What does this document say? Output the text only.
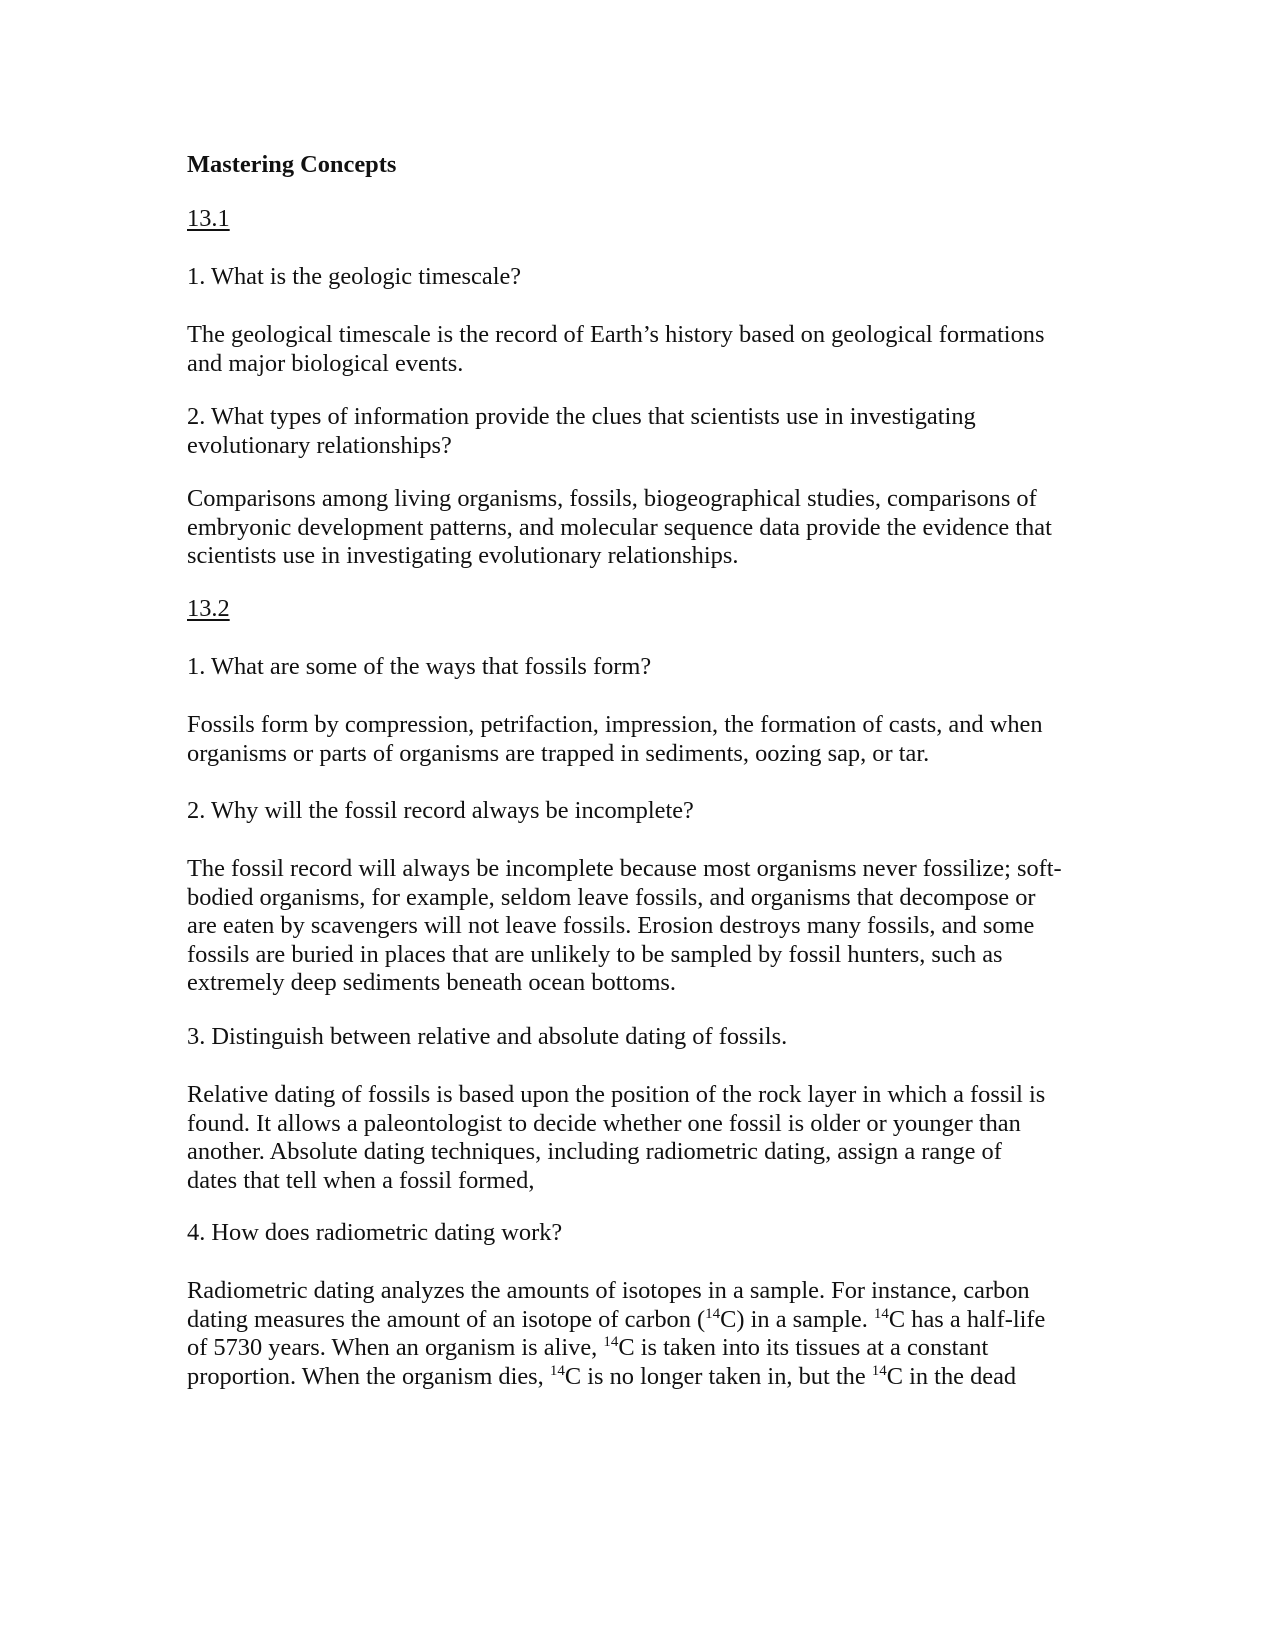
Mastering Concepts
13.1
1. What is the geologic timescale?
The geological timescale is the record of Earth’s history based on geological formations
and major biological events.
2. What types of information provide the clues that scientists use in investigating
evolutionary relationships?
Comparisons among living organisms, fossils, biogeographical studies, comparisons of
embryonic development patterns, and molecular sequence data provide the evidence that
scientists use in investigating evolutionary relationships.
13.2
1. What are some of the ways that fossils form?
Fossils form by compression, petrifaction, impression, the formation of casts, and when
organisms or parts of organisms are trapped in sediments, oozing sap, or tar.
2. Why will the fossil record always be incomplete?
The fossil record will always be incomplete because most organisms never fossilize; soft-
bodied organisms, for example, seldom leave fossils, and organisms that decompose or
are eaten by scavengers will not leave fossils. Erosion destroys many fossils, and some
fossils are buried in places that are unlikely to be sampled by fossil hunters, such as
extremely deep sediments beneath ocean bottoms.
3. Distinguish between relative and absolute dating of fossils.
Relative dating of fossils is based upon the position of the rock layer in which a fossil is
found. It allows a paleontologist to decide whether one fossil is older or younger than
another. Absolute dating techniques, including radiometric dating, assign a range of
dates that tell when a fossil formed,
4. How does radiometric dating work?
Radiometric dating analyzes the amounts of isotopes in a sample. For instance, carbon
dating measures the amount of an isotope of carbon ($^{14}$C) in a sample. $^{14}$C has a half-life
of 5730 years. When an organism is alive, $^{14}$C is taken into its tissues at a constant
proportion. When the organism dies, $^{14}$C is no longer taken in, but the $^{14}$C in the dead
